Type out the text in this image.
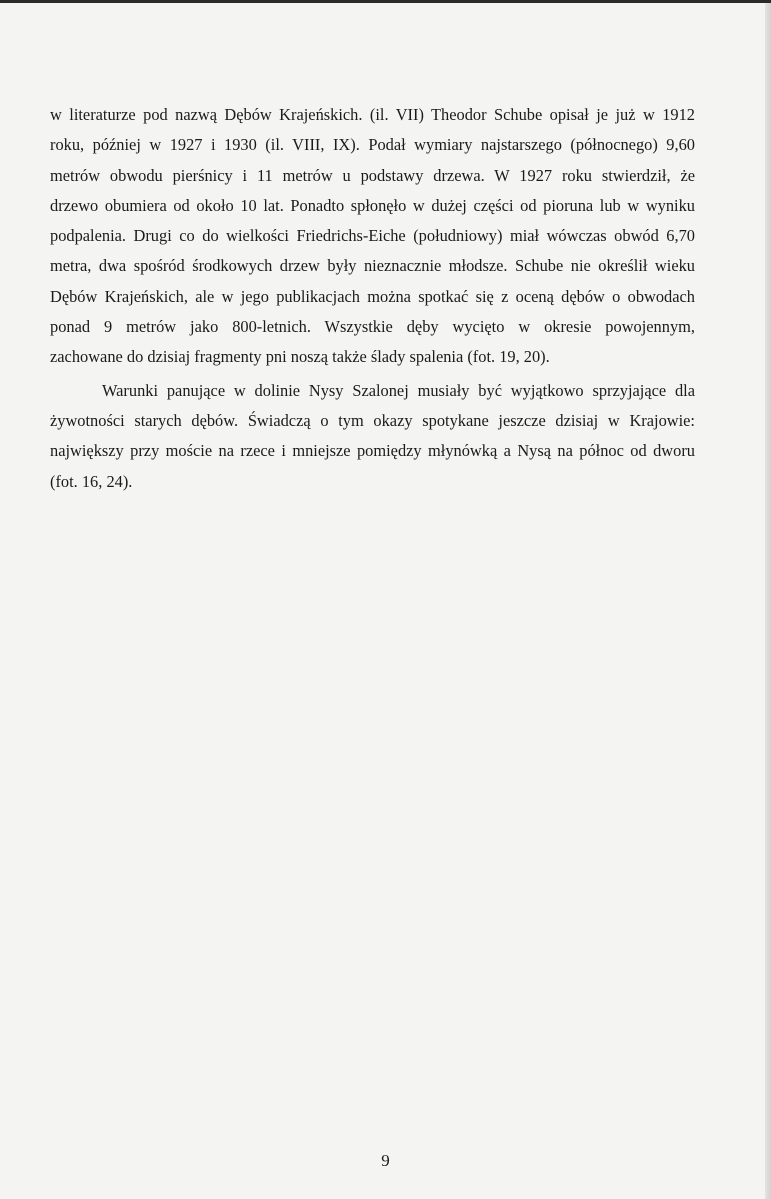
w literaturze pod nazwą Dębów Krajeńskich. (il. VII) Theodor Schube opisał je już w 1912
roku, później w 1927 i 1930 (il. VIII, IX). Podał wymiary najstarszego (północnego) 9,60
metrów obwodu pierśnicy i 11 metrów u podstawy drzewa. W 1927 roku stwierdził, że
drzewo obumiera od około 10 lat. Ponadto spłonęło w dużej części od pioruna lub w wyniku
podpalenia. Drugi co do wielkości Friedrichs-Eiche (południowy) miał wówczas obwód 6,70
metra, dwa spośród środkowych drzew były nieznacznie młodsze. Schube nie określił wieku
Dębów Krajeńskich, ale w jego publikacjach można spotkać się z oceną dębów o obwodach
ponad 9 metrów jako 800-letnich. Wszystkie dęby wycięto w okresie powojennym,
zachowane do dzisiaj fragmenty pni noszą także ślady spalenia (fot. 19, 20).
Warunki panujące w dolinie Nysy Szalonej musiały być wyjątkowo sprzyjające dla
żywotności starych dębów. Świadczą o tym okazy spotykane jeszcze dzisiaj w Krajowie:
największy przy moście na rzece i mniejsze pomiędzy młynówką a Nysą na północ od dworu
(fot. 16, 24).
9
